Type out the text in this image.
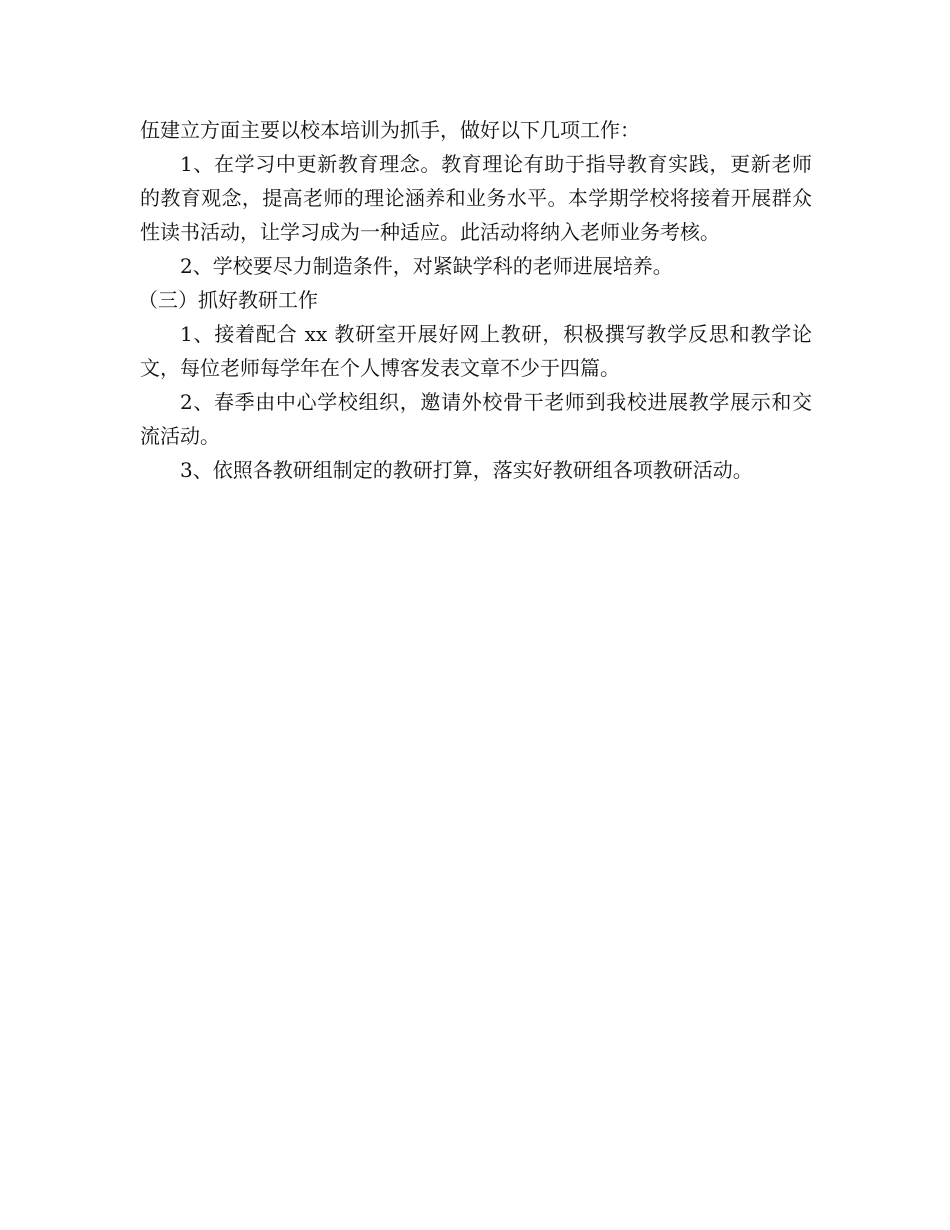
伍建立方面主要以校本培训为抓手，做好以下几项工作：

1、在学习中更新教育理念。教育理论有助于指导教育实践，更新老师的教育观念，提高老师的理论涵养和业务水平。本学期学校将接着开展群众性读书活动，让学习成为一种适应。此活动将纳入老师业务考核。

2、学校要尽力制造条件，对紧缺学科的老师进展培养。

（三）抓好教研工作

1、接着配合 xx 教研室开展好网上教研，积极撰写教学反思和教学论文，每位老师每学年在个人博客发表文章不少于四篇。

2、春季由中心学校组织，邀请外校骨干老师到我校进展教学展示和交流活动。

3、依照各教研组制定的教研打算，落实好教研组各项教研活动。
